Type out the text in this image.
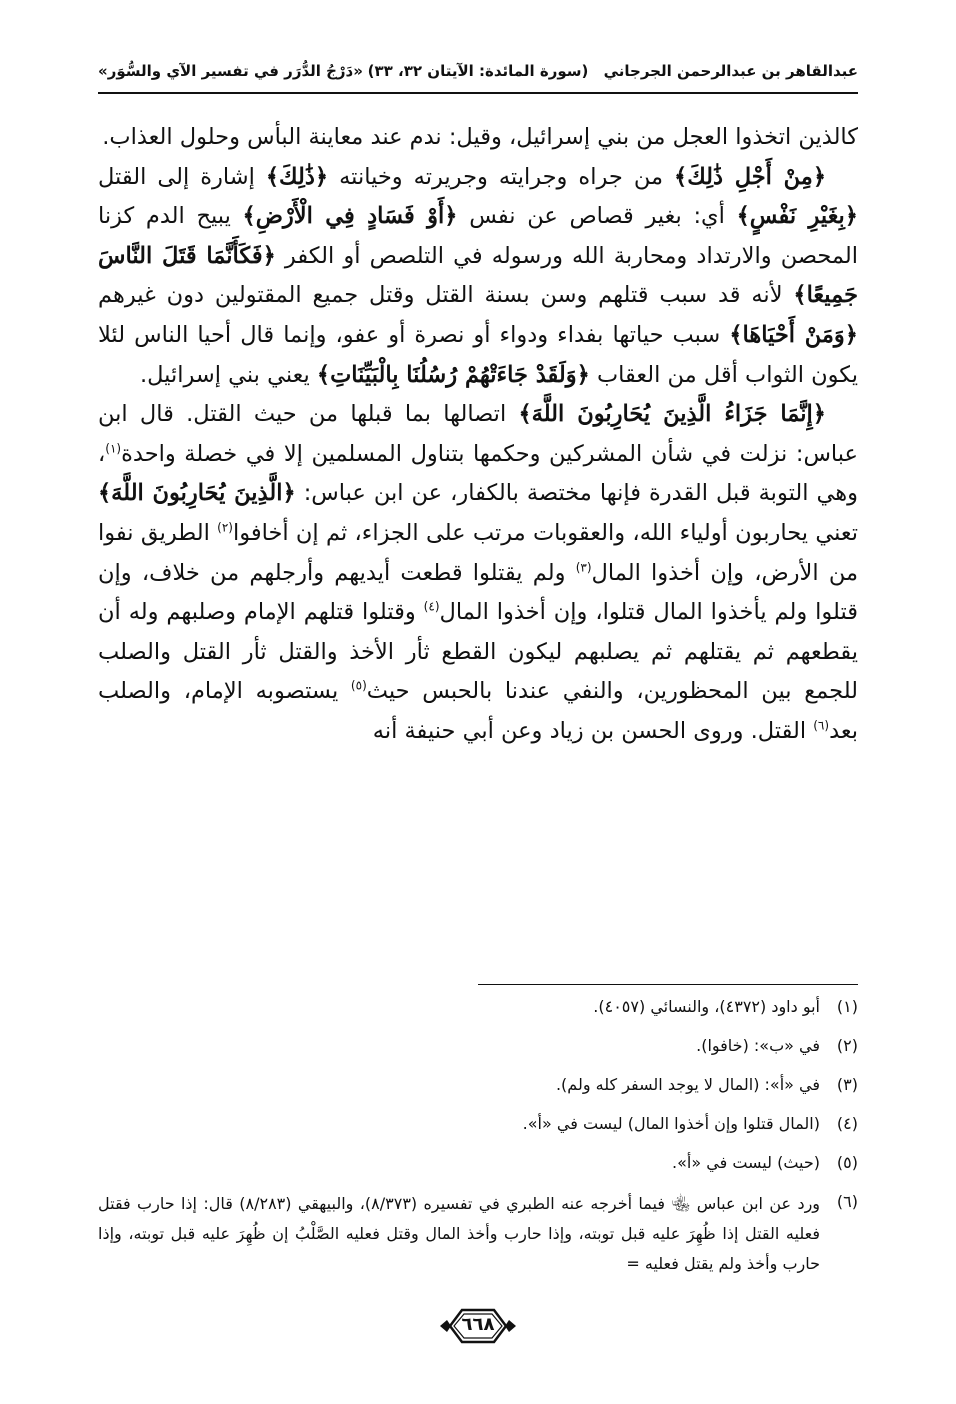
عبدالقاهر بن عبدالرحمن الجرجاني
(سورة المائدة: الآيتان ٣٢، ٣٣)
«دَرْجُ الدُّرَر في تفسير الآي والسُّوَر»

كالذين اتخذوا العجل من بني إسرائيل، وقيل: ندم عند معاينة البأس وحلول العذاب.

﴿مِنْ أَجْلِ ذَٰلِكَ﴾ من جراه وجرايته وجريرته وخيانته ﴿ذَٰلِكَ﴾ إشارة إلى القتل ﴿بِغَيْرِ نَفْسٍ﴾ أي: بغير قصاص عن نفس ﴿أَوْ فَسَادٍ فِي الْأَرْضِ﴾ يبيح الدم كزنا المحصن والارتداد ومحاربة الله ورسوله في التلصص أو الكفر ﴿فَكَأَنَّمَا قَتَلَ النَّاسَ جَمِيعًا﴾ لأنه قد سبب قتلهم وسن بسنة القتل وقتل جميع المقتولين دون غيرهم ﴿وَمَنْ أَحْيَاهَا﴾ سبب حياتها بفداء ودواء أو نصرة أو عفو، وإنما قال أحيا الناس لئلا يكون الثواب أقل من العقاب ﴿وَلَقَدْ جَاءَتْهُمْ رُسُلُنَا بِالْبَيِّنَاتِ﴾ يعني بني إسرائيل.

﴿إِنَّمَا جَزَاءُ الَّذِينَ يُحَارِبُونَ اللَّهَ﴾ اتصالها بما قبلها من حيث القتل. قال ابن عباس: نزلت في شأن المشركين وحكمها بتناول المسلمين إلا في خصلة واحدة$^{(١)}$، وهي التوبة قبل القدرة فإنها مختصة بالكفار، عن ابن عباس: ﴿الَّذِينَ يُحَارِبُونَ اللَّهَ﴾ تعني يحاربون أولياء الله، والعقوبات مرتب على الجزاء، ثم إن أخافوا$^{(٢)}$ الطريق نفوا من الأرض، وإن أخذوا المال$^{(٣)}$ ولم يقتلوا قطعت أيديهم وأرجلهم من خلاف، وإن قتلوا ولم يأخذوا المال قتلوا، وإن أخذوا المال$^{(٤)}$ وقتلوا قتلهم الإمام وصلبهم وله أن يقطعهم ثم يقتلهم ثم يصلبهم ليكون القطع ثأر الأخذ والقتل ثأر القتل والصلب للجمع بين المحظورين، والنفي عندنا بالحبس حيث$^{(٥)}$ يستصوبه الإمام، والصلب بعد$^{(٦)}$ القتل. وروى الحسن بن زياد وعن أبي حنيفة أنه

(١)
أبو داود (٤٣٧٢)، والنسائي (٤٠٥٧).
(٢)
في «ب»: (خافوا).
(٣)
في «أ»: (المال لا يوجد السفر كله ولم).
(٤)
(المال قتلوا وإن أخذوا المال) ليست في «أ».
(٥)
(حيث) ليست في «أ».
(٦)
ورد عن ابن عباس ﵄ فيما أخرجه عنه الطبري في تفسيره (٨/٣٧٣)، والبيهقي (٨/٢٨٣) قال: إذا حارب فقتل فعليه القتل إذا ظُهِرَ عليه قبل توبته، وإذا حارب وأخذ المال وقتل فعليه الصَّلْبُ إن ظُهِرَ عليه قبل توبته، وإذا حارب وأخذ ولم يقتل فعليه =
٦٦٨
